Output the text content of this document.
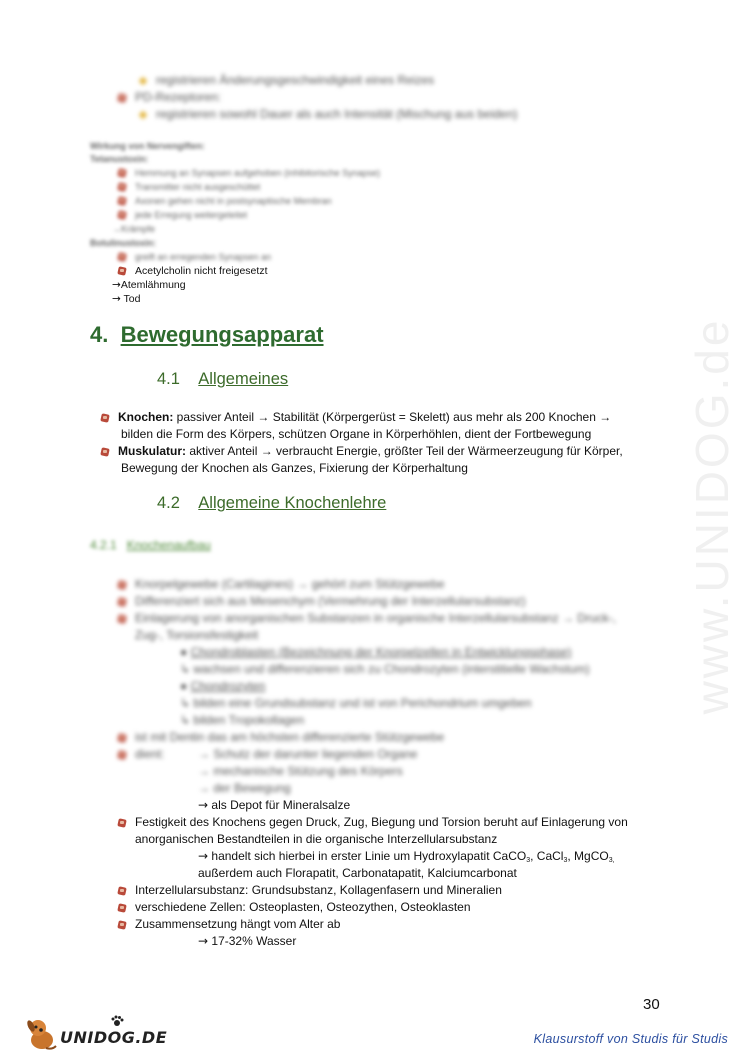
www.UNIDOG.de
registrieren Änderungsgeschwindigkeit eines Reizes
PD-Rezeptoren:
registrieren sowohl Dauer als auch Intensität (Mischung aus beiden)
Wirkung von Nervengiften:
Tetanustoxin:
Hemmung an Synapsen aufgehoben (inhibitorische Synapse)
Transmitter nicht ausgeschüttet
Axonen gehen nicht in postsynaptische Membran
jede Erregung weitergeleitet
→Krämpfe
Botulinustoxin:
greift an erregenden Synapsen an
Acetylcholin nicht freigesetzt
→Atemlähmung
→ Tod
4. Bewegungsapparat
4.1 Allgemeines
Knochen: passiver Anteil → Stabilität (Körpergerüst = Skelett) aus mehr als 200 Knochen →
bilden die Form des Körpers, schützen Organe in Körperhöhlen, dient der Fortbewegung
Muskulatur: aktiver Anteil → verbraucht Energie, größter Teil der Wärmeerzeugung für Körper,
Bewegung der Knochen als Ganzes, Fixierung der Körperhaltung
4.2 Allgemeine Knochenlehre
4.2.1 Knochenaufbau
Knorpelgewebe (Cartilagines) → gehört zum Stützgewebe
Differenziert sich aus Mesenchym (Vermehrung der Interzellularsubstanz)
Einlagerung von anorganischen Substanzen in organische Interzellularsubstanz → Druck-,
Zug-, Torsionsfestigkeit
● Chondroblasten (Bezeichnung der Knorpelzellen in Entwicklungsphase)
↳ wachsen und differenzieren sich zu Chondrozyten (interstitielle Wachstum)
● Chondrozyten
↳ bilden eine Grundsubstanz und ist von Perichondrium umgeben
↳ bilden Tropokollagen
ist mit Dentin das am höchsten differenzierte Stützgewebe
dient:	→ Schutz der darunter liegenden Organe
→ mechanische Stützung des Körpers
→ der Bewegung
→ als Depot für Mineralsalze
Festigkeit des Knochens gegen Druck, Zug, Biegung und Torsion beruht auf Einlagerung von
anorganischen Bestandteilen in die organische Interzellularsubstanz
→ handelt sich hierbei in erster Linie um Hydroxylapatit CaCO$_3$, CaCl$_3$, MgCO$_{3,}$
außerdem auch Florapatit, Carbonatapatit, Kalciumcarbonat
Interzellularsubstanz: Grundsubstanz, Kollagenfasern und Mineralien
verschiedene Zellen: Osteoplasten, Osteozythen, Osteoklasten
Zusammensetzung hängt vom Alter ab
→ 17-32% Wasser
30
UNIDOG.DE	Klausurstoff von Studis für Studis
